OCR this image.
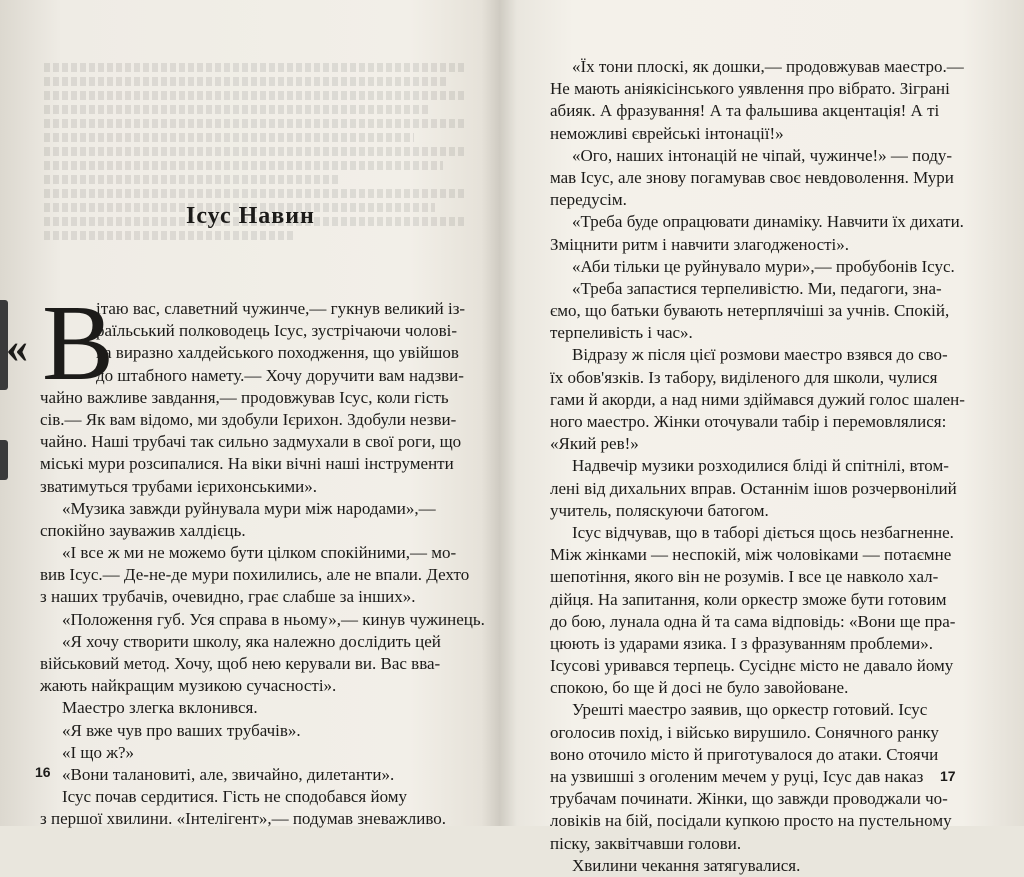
Ісус Навин
« В
ітаю вас, славетний чужинче,— гукнув великий із-
раїльський полководець Ісус, зустрічаючи чолові-
ка виразно халдейського походження, що увійшов
до штабного намету.— Хочу доручити вам надзви-
чайно важливе завдання,— продовжував Ісус, коли гість
сів.— Як вам відомо, ми здобули Ієрихон. Здобули незви-
чайно. Наші трубачі так сильно задмухали в свої роги, що
міські мури розсипалися. На віки вічні наші інструменти
зватимуться трубами ієрихонськими».
«Музика завжди руйнувала мури між народами»,—
спокійно зауважив халдієць.
«І все ж ми не можемо бути цілком спокійними,— мо-
вив Ісус.— Де-не-де мури похилились, але не впали. Дехто
з наших трубачів, очевидно, грає слабше за інших».
«Положення губ. Уся справа в ньому»,— кинув чужинець.
«Я хочу створити школу, яка належно дослідить цей
військовий метод. Хочу, щоб нею керували ви. Вас вва-
жають найкращим музикою сучасності».
Маестро злегка вклонився.
«Я вже чув про ваших трубачів».
«І що ж?»
«Вони талановиті, але, звичайно, дилетанти».
Ісус почав сердитися. Гість не сподобався йому
з першої хвилини. «Інтелігент»,— подумав зневажливо.
16
«Їх тони плоскі, як дошки,— продовжував маестро.—
Не мають аніякісінського уявлення про вібрато. Зіграні
абияк. А фразування! А та фальшива акцентація! А ті
неможливі єврейські інтонації!»
«Ого, наших інтонацій не чіпай, чужинче!» — поду-
мав Ісус, але знову погамував своє невдоволення. Мури
передусім.
«Треба буде опрацювати динаміку. Навчити їх дихати.
Зміцнити ритм і навчити злагодженості».
«Аби тільки це руйнувало мури»,— пробубонів Ісус.
«Треба запастися терпеливістю. Ми, педагоги, зна-
ємо, що батьки бувають нетерплячіші за учнів. Спокій,
терпеливість і час».
Відразу ж після цієї розмови маестро взявся до сво-
їх обов'язків. Із табору, виділеного для школи, чулися
гами й акорди, а над ними здіймався дужий голос шален-
ного маестро. Жінки оточували табір і перемовлялися:
«Який рев!»
Надвечір музики розходилися бліді й спітнілі, втом-
лені від дихальних вправ. Останнім ішов розчервонілий
учитель, поляскуючи батогом.
Ісус відчував, що в таборі діється щось незбагненне.
Між жінками — неспокій, між чоловіками — потаємне
шепотіння, якого він не розумів. І все це навколо хал-
дійця. На запитання, коли оркестр зможе бути готовим
до бою, лунала одна й та сама відповідь: «Вони ще пра-
цюють із ударами язика. І з фразуванням проблеми».
Ісусові уривався терпець. Сусіднє місто не давало йому
спокою, бо ще й досі не було завойоване.
Урешті маестро заявив, що оркестр готовий. Ісус
оголосив похід, і військо вирушило. Сонячного ранку
воно оточило місто й приготувалося до атаки. Стоячи
на узвишші з оголеним мечем у руці, Ісус дав наказ
трубачам починати. Жінки, що завжди проводжали чо-
ловіків на бій, посідали купкою просто на пустельному
піску, заквітчавши голови.
Хвилини чекання затягувалися.
17
